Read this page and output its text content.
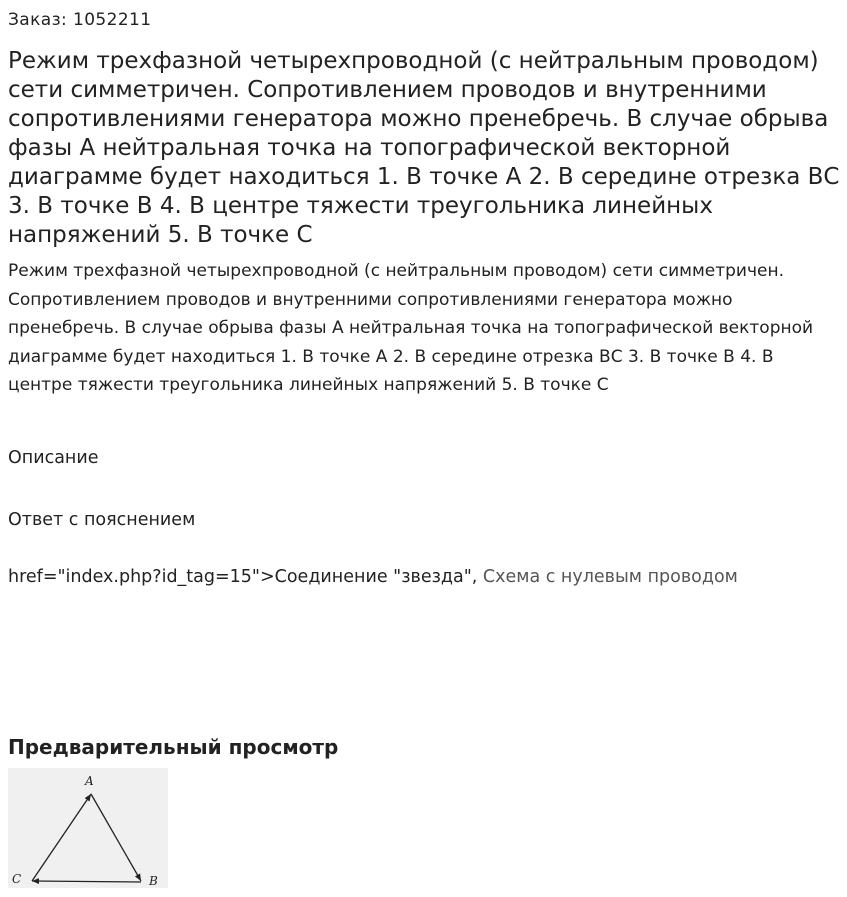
Заказ: 1052211
Режим трехфазной четырехпроводной (с нейтральным проводом) сети симметричен. Сопротивлением проводов и внутренними сопротивлениями генератора можно пренебречь. В случае обрыва фазы А нейтральная точка на топографической векторной диаграмме будет находиться 1. В точке А 2. В середине отрезка ВС 3. В точке В 4. В центре тяжести треугольника линейных напряжений 5. В точке С

Режим трехфазной четырехпроводной (с нейтральным проводом) сети симметричен. Сопротивлением проводов и внутренними сопротивлениями генератора можно пренебречь. В случае обрыва фазы А нейтральная точка на топографической векторной диаграмме будет находиться 1. В точке А 2. В середине отрезка ВС 3. В точке В 4. В центре тяжести треугольника линейных напряжений 5. В точке С

Описание
Ответ с пояснением
href="index.php?id_tag=15">Соединение "звезда", Схема с нулевым проводом
Предварительный просмотр
A
B
C
